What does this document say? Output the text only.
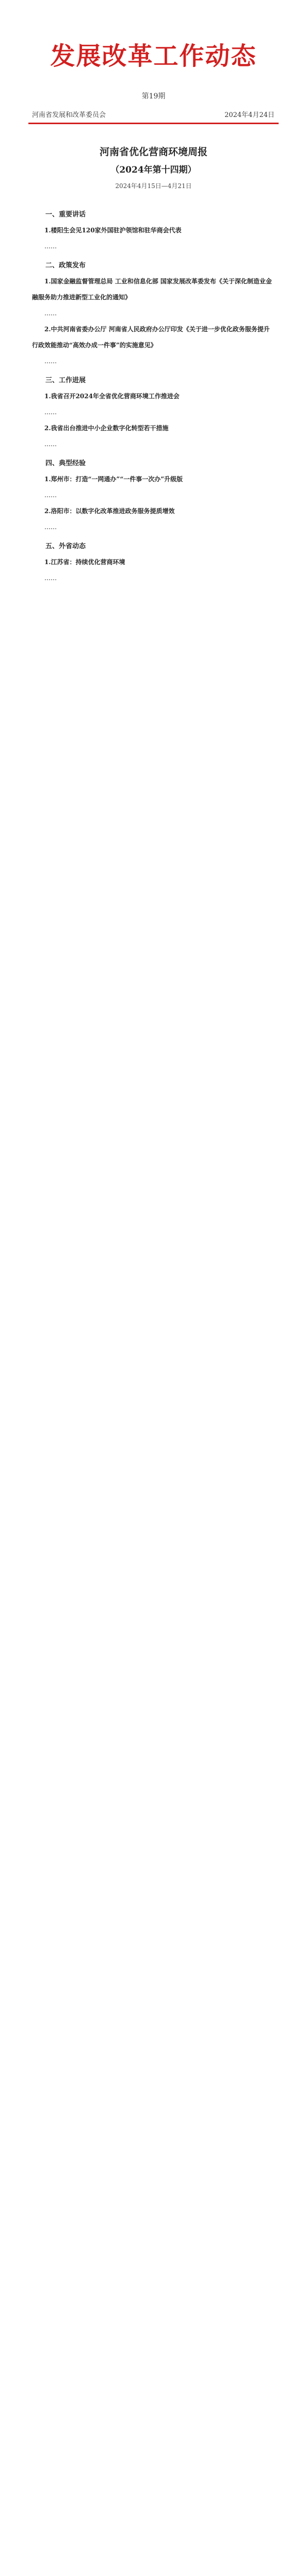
发展改革工作动态
第19期
河南省发展和改革委员会	2024年4月24日
河南省优化营商环境周报
（2024年第十四期）
2024年4月15日—4月21日
一、重要讲话
1.楼阳生会见120家外国驻沪领馆和驻华商会代表

……

二、政策发布
1.国家金融监督管理总局 工业和信息化部 国家发展改革委发布《关于深化制造业金融服务助力推进新型工业化的通知》

……

2.中共河南省委办公厅 河南省人民政府办公厅印发《关于进一步优化政务服务提升行政效能推动“高效办成一件事”的实施意见》

……

三、工作进展
1.我省召开2024年全省优化营商环境工作推进会

……

2.我省出台推进中小企业数字化转型若干措施

……

四、典型经验
1.郑州市：打造“一网通办”“一件事一次办”升级版

……

2.洛阳市：以数字化改革推进政务服务提质增效

……

五、外省动态
1.江苏省：持续优化营商环境

……
